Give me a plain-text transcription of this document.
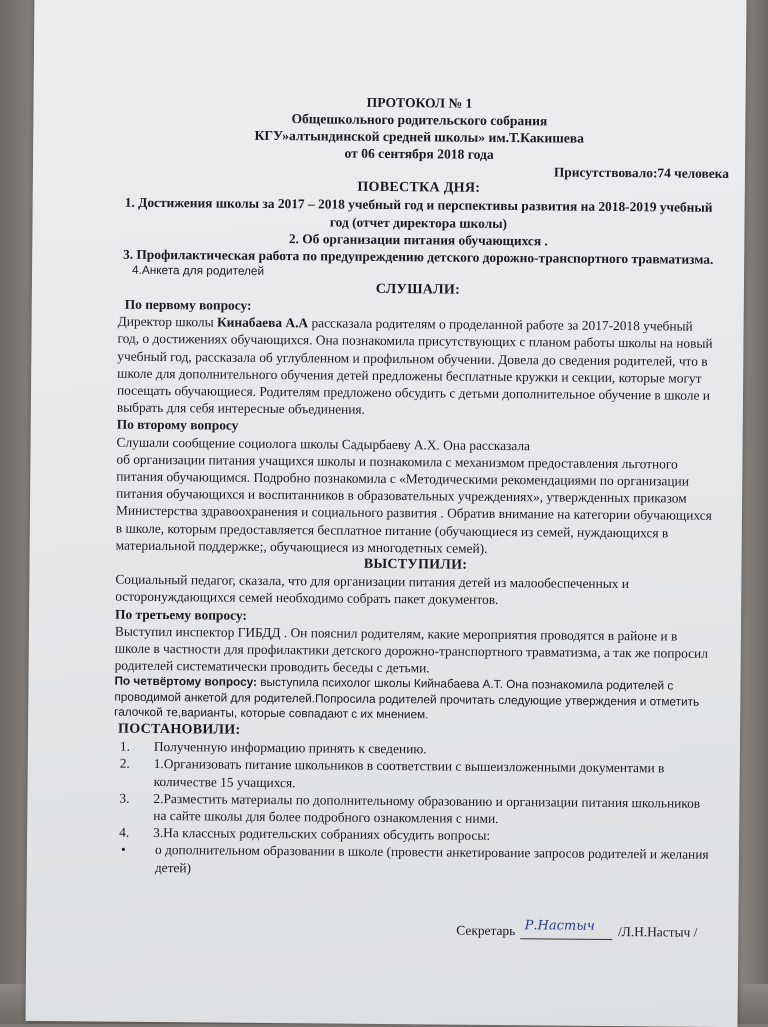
ПРОТОКОЛ № 1
Общешкольного родительского собрания
КГУ»алтындинской средней школы» им.Т.Какишева
от 06 сентября 2018 года
Присутствовало:74 человека
ПОВЕСТКА ДНЯ:
1. Достижения школы за 2017 – 2018 учебный год и перспективы развития на 2018-2019 учебный год (отчет директора школы)
2. Об организации питания обучающихся .
3. Профилактическая работа по предупреждению детского дорожно-транспортного травматизма.
4.Анкета для родителей
СЛУШАЛИ:
По первому вопросу:

Директор школы Кинабаева А.А рассказала родителям о проделанной работе за 2017-2018 учебный год, о достижениях обучающихся. Она познакомила присутствующих с планом работы школы на новый учебный год, рассказала об углубленном и профильном обучении. Довела до сведения родителей, что в школе для дополнительного обучения детей предложены бесплатные кружки и секции, которые могут посещать обучающиеся. Родителям предложено обсудить с детьми дополнительное обучение в школе и выбрать для себя интересные объединения.

По второму вопросу
Слушали сообщение социолога школы Садырбаеву А.Х. Она рассказала

об организации питания учащихся школы и познакомила с механизмом предоставления льготного питания обучающимся. Подробно познакомила с «Методическими рекомендациями по организации питания обучающихся и воспитанников в образовательных учреждениях», утвержденных приказом Министерства здравоохранения и социального развития . Обратив внимание на категории обучающихся в школе, которым предоставляется бесплатное питание (обучающиеся из семей, нуждающихся в материальной поддержке;, обучающиеся из многодетных семей).

ВЫСТУПИЛИ:

Социальный педагог, сказала, что для организации питания детей из малообеспеченных и осторонуждающихся семей необходимо собрать пакет документов.

По третьему вопросу:

Выступил инспектор ГИБДД . Он пояснил родителям, какие мероприятия проводятся в районе и в школе в частности для профилактики детского дорожно-транспортного травматизма, а так же попросил родителей систематически проводить беседы с детьми.

По четвёртому вопросу: выступила психолог школы Кийнабаева А.Т. Она познакомила родителей с проводимой анкетой для родителей.Попросила родителей прочитать следующие утверждения и отметить галочкой те,варианты, которые совпадают с их мнением.

ПОСТАНОВИЛИ:
1.	Полученную информацию принять к сведению.
2.	1.Организовать питание школьников в соответствии с вышеизложенными документами в количестве 15 учащихся.
3.	2.Разместить материалы по дополнительному образованию и организации питания школьников на сайте школы для более подробного ознакомления с ними.
4.	3.На классных родительских собраниях обсудить вопросы:
•	о дополнительном образовании в школе (провести анкетирование запросов родителей и желания детей)
Секретарь Р.Настыч /Л.Н.Настыч /
